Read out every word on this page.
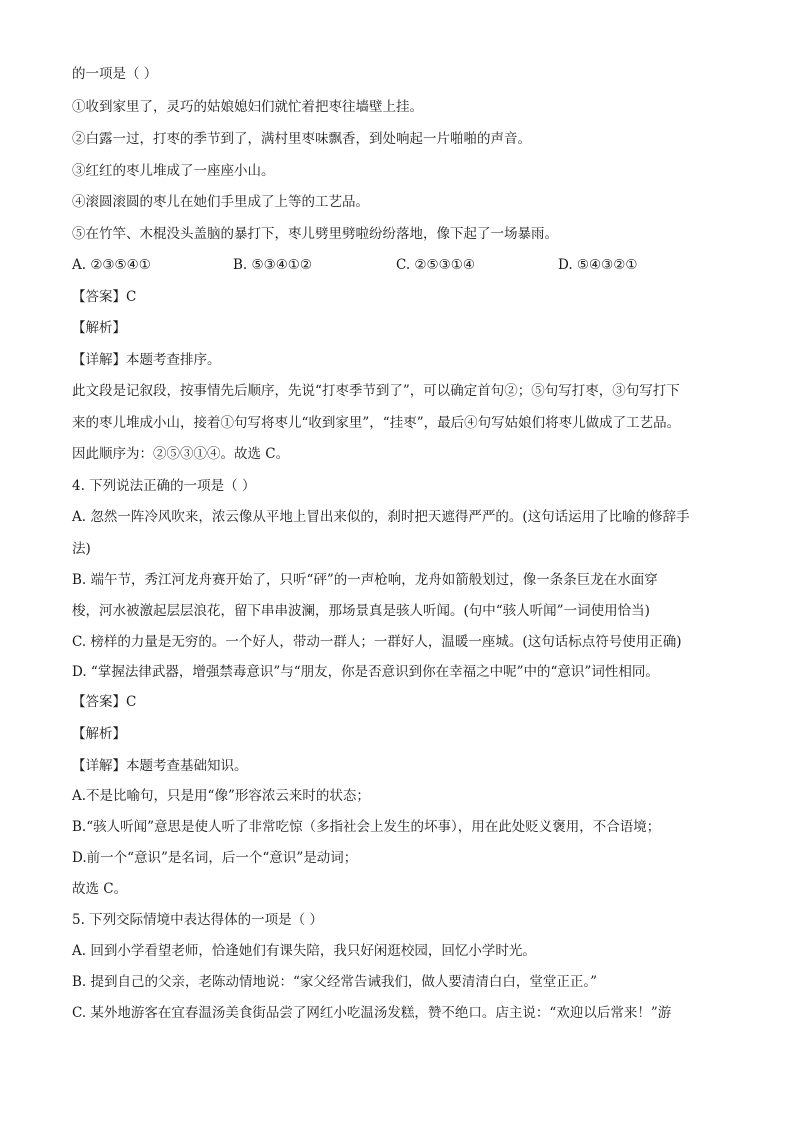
的一项是（ ）
①收到家里了，灵巧的姑娘媳妇们就忙着把枣往墙壁上挂。
②白露一过，打枣的季节到了，满村里枣味飘香，到处响起一片啪啪的声音。
③红红的枣儿堆成了一座座小山。
④滚圆滚圆的枣儿在她们手里成了上等的工艺品。
⑤在竹竿、木棍没头盖脑的暴打下，枣儿劈里劈啦纷纷落地，像下起了一场暴雨。
A. ②③⑤④①	B. ⑤③④①②	C. ②⑤③①④	D. ⑤④③②①
【答案】C
【解析】
【详解】本题考查排序。
此文段是记叙段，按事情先后顺序，先说“打枣季节到了”，可以确定首句②；⑤句写打枣，③句写打下
来的枣儿堆成小山，接着①句写将枣儿“收到家里”，“挂枣”，最后④句写姑娘们将枣儿做成了工艺品。
因此顺序为：②⑤③①④。故选 C。
4. 下列说法正确的一项是（ ）
A. 忽然一阵冷风吹来，浓云像从平地上冒出来似的，刹时把天遮得严严的。(这句话运用了比喻的修辞手
法)
B. 端午节，秀江河龙舟赛开始了，只听“砰”的一声枪响，龙舟如箭般划过，像一条条巨龙在水面穿
梭，河水被激起层层浪花，留下串串波澜，那场景真是骇人听闻。(句中“骇人听闻”一词使用恰当)
C. 榜样的力量是无穷的。一个好人，带动一群人；一群好人，温暖一座城。(这句话标点符号使用正确)
D. “掌握法律武器，增强禁毒意识”与“朋友，你是否意识到你在幸福之中呢”中的“意识”词性相同。
【答案】C
【解析】
【详解】本题考查基础知识。
A.不是比喻句，只是用“像”形容浓云来时的状态；
B.“骇人听闻”意思是使人听了非常吃惊（多指社会上发生的坏事），用在此处贬义褒用，不合语境；
D.前一个“意识”是名词，后一个“意识”是动词；
故选 C。
5. 下列交际情境中表达得体的一项是（ ）
A. 回到小学看望老师，恰逢她们有课失陪，我只好闲逛校园，回忆小学时光。
B. 提到自己的父亲，老陈动情地说：“家父经常告诫我们，做人要清清白白，堂堂正正。”
C. 某外地游客在宜春温汤美食街品尝了网红小吃温汤发糕，赞不绝口。店主说：“欢迎以后常来！”游
